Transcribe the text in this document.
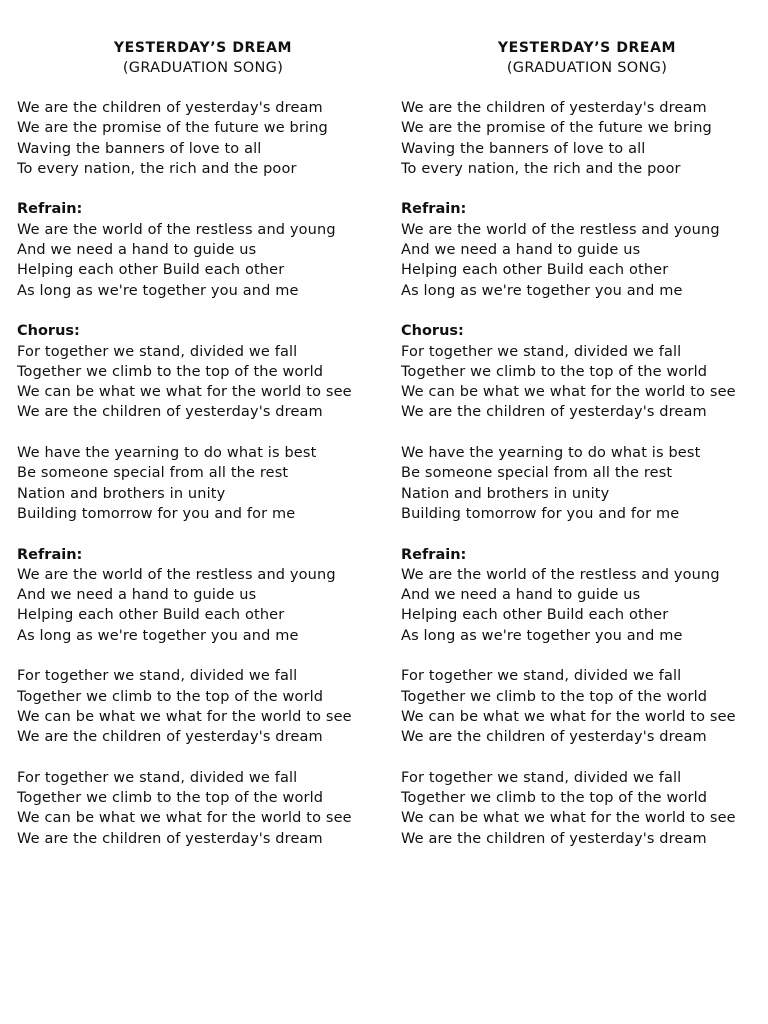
YESTERDAY’S DREAM
(GRADUATION SONG)
We are the children of yesterday's dream
We are the promise of the future we bring
Waving the banners of love to all
To every nation, the rich and the poor
Refrain:
We are the world of the restless and young
And we need a hand to guide us
Helping each other Build each other
As long as we're together you and me
Chorus:
For together we stand, divided we fall
Together we climb to the top of the world
We can be what we what for the world to see
We are the children of yesterday's dream
We have the yearning to do what is best
Be someone special from all the rest
Nation and brothers in unity
Building tomorrow for you and for me
Refrain:
We are the world of the restless and young
And we need a hand to guide us
Helping each other Build each other
As long as we're together you and me
For together we stand, divided we fall
Together we climb to the top of the world
We can be what we what for the world to see
We are the children of yesterday's dream
For together we stand, divided we fall
Together we climb to the top of the world
We can be what we what for the world to see
We are the children of yesterday's dream
YESTERDAY’S DREAM
(GRADUATION SONG)
We are the children of yesterday's dream
We are the promise of the future we bring
Waving the banners of love to all
To every nation, the rich and the poor
Refrain:
We are the world of the restless and young
And we need a hand to guide us
Helping each other Build each other
As long as we're together you and me
Chorus:
For together we stand, divided we fall
Together we climb to the top of the world
We can be what we what for the world to see
We are the children of yesterday's dream
We have the yearning to do what is best
Be someone special from all the rest
Nation and brothers in unity
Building tomorrow for you and for me
Refrain:
We are the world of the restless and young
And we need a hand to guide us
Helping each other Build each other
As long as we're together you and me
For together we stand, divided we fall
Together we climb to the top of the world
We can be what we what for the world to see
We are the children of yesterday's dream
For together we stand, divided we fall
Together we climb to the top of the world
We can be what we what for the world to see
We are the children of yesterday's dream
